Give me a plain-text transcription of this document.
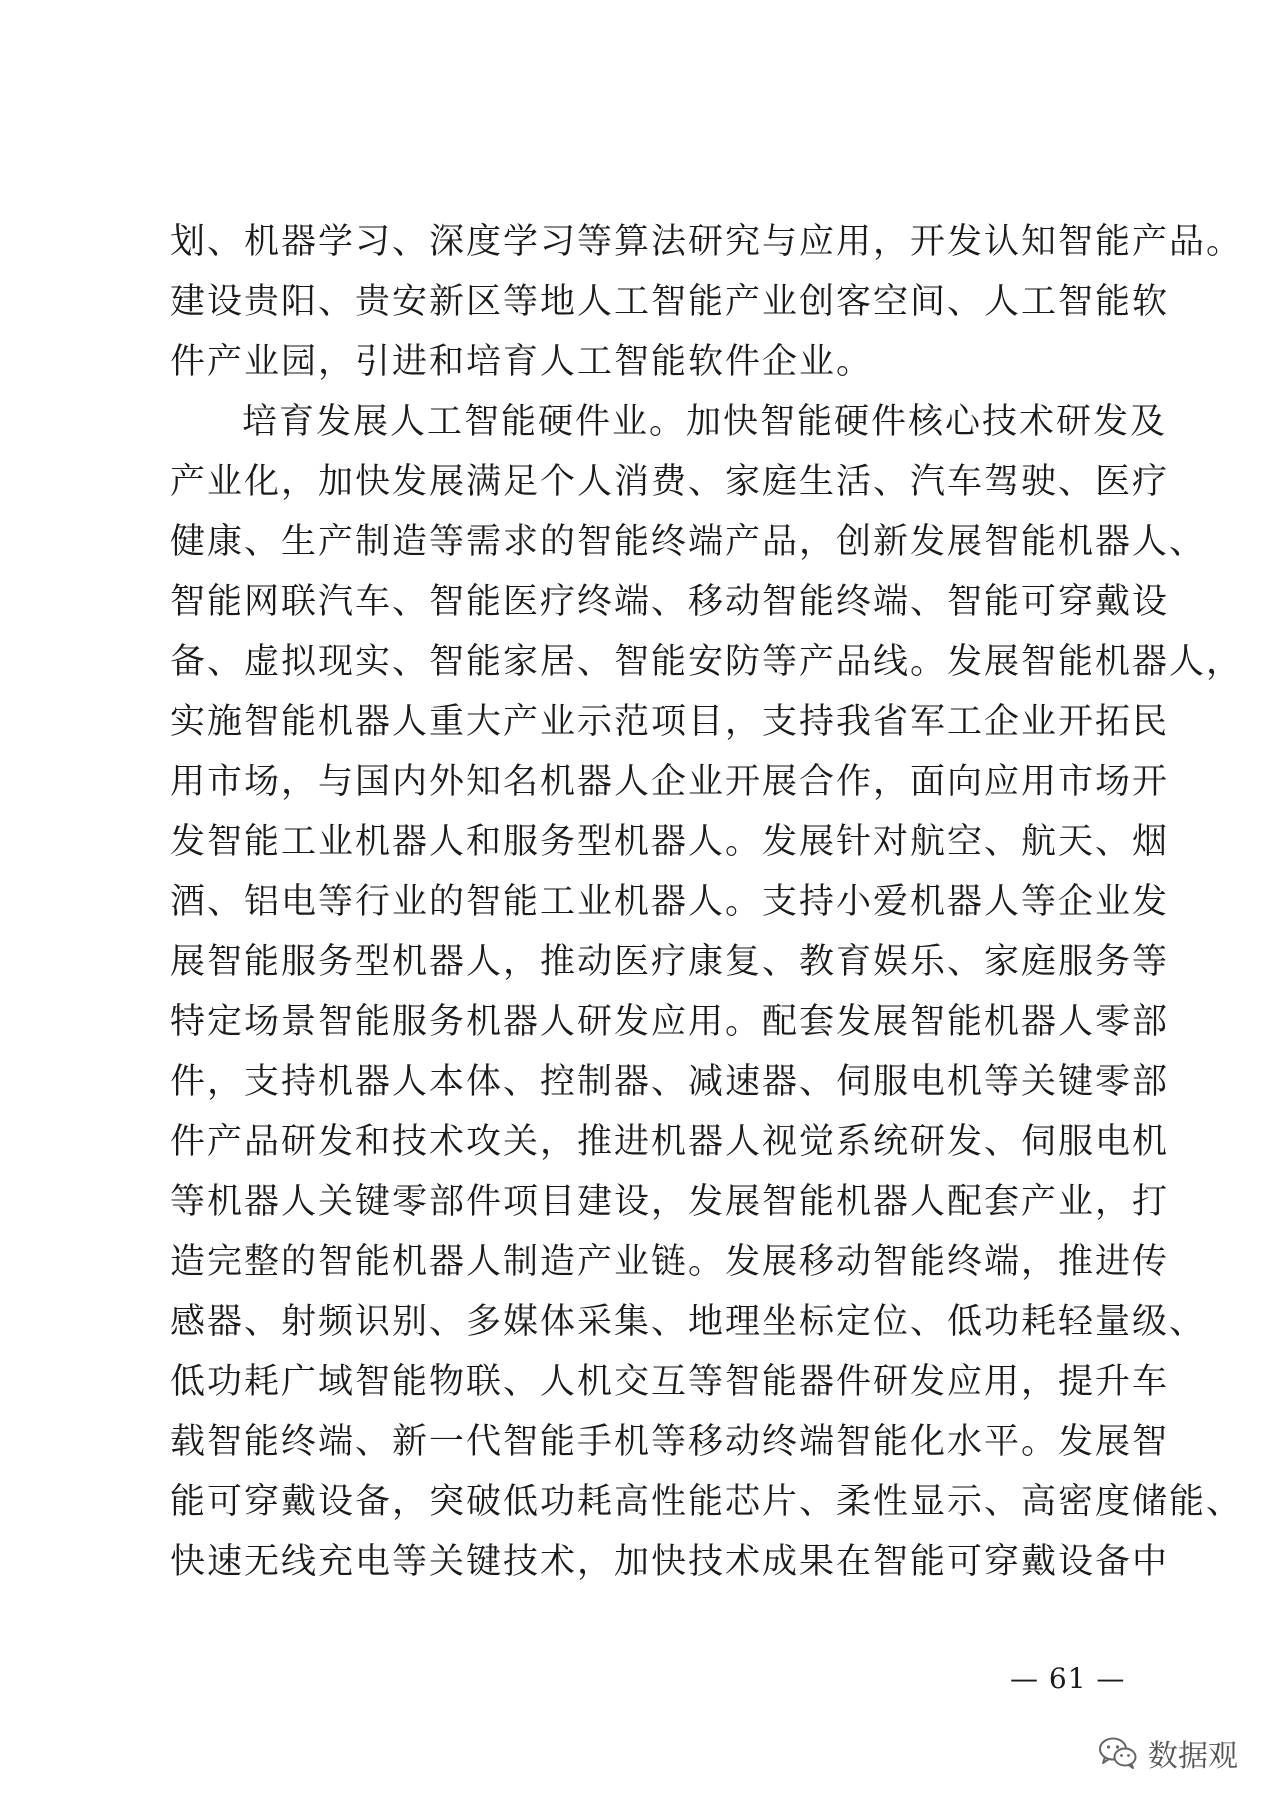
划、机器学习、深度学习等算法研究与应用，开发认知智能产品。
建设贵阳、贵安新区等地人工智能产业创客空间、人工智能软
件产业园，引进和培育人工智能软件企业。
培育发展人工智能硬件业。加快智能硬件核心技术研发及
产业化，加快发展满足个人消费、家庭生活、汽车驾驶、医疗
健康、生产制造等需求的智能终端产品，创新发展智能机器人、
智能网联汽车、智能医疗终端、移动智能终端、智能可穿戴设
备、虚拟现实、智能家居、智能安防等产品线。发展智能机器人，
实施智能机器人重大产业示范项目，支持我省军工企业开拓民
用市场，与国内外知名机器人企业开展合作，面向应用市场开
发智能工业机器人和服务型机器人。发展针对航空、航天、烟
酒、铝电等行业的智能工业机器人。支持小爱机器人等企业发
展智能服务型机器人，推动医疗康复、教育娱乐、家庭服务等
特定场景智能服务机器人研发应用。配套发展智能机器人零部
件，支持机器人本体、控制器、减速器、伺服电机等关键零部
件产品研发和技术攻关，推进机器人视觉系统研发、伺服电机
等机器人关键零部件项目建设，发展智能机器人配套产业，打
造完整的智能机器人制造产业链。发展移动智能终端，推进传
感器、射频识别、多媒体采集、地理坐标定位、低功耗轻量级、
低功耗广域智能物联、人机交互等智能器件研发应用，提升车
载智能终端、新一代智能手机等移动终端智能化水平。发展智
能可穿戴设备，突破低功耗高性能芯片、柔性显示、高密度储能、
快速无线充电等关键技术，加快技术成果在智能可穿戴设备中
— 61 —
数据观
